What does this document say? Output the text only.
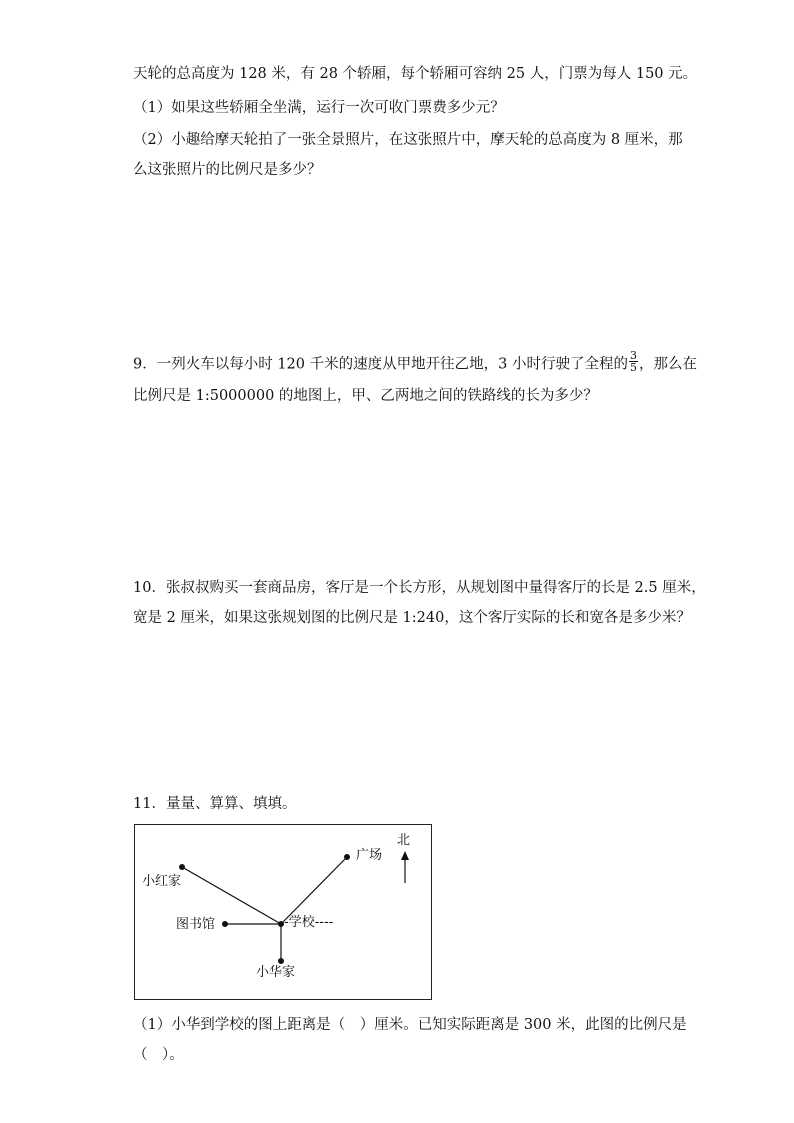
天轮的总高度为 128 米，有 28 个轿厢，每个轿厢可容纳 25 人，门票为每人 150 元。
（1）如果这些轿厢全坐满，运行一次可收门票费多少元？
（2）小趣给摩天轮拍了一张全景照片，在这张照片中，摩天轮的总高度为 8 厘米，那
么这张照片的比例尺是多少？
9．一列火车以每小时 120 千米的速度从甲地开往乙地，3 小时行驶了全程的 $\frac{3}{5}$ ，那么在
比例尺是 1:5000000 的地图上，甲、乙两地之间的铁路线的长为多少？
10．张叔叔购买一套商品房，客厅是一个长方形，从规划图中量得客厅的长是 2.5 厘米，
宽是 2 厘米，如果这张规划图的比例尺是 1:240，这个客厅实际的长和宽各是多少米？
11．量量、算算、填填。
小红家
广场
图书馆	-学校----
小华家
北
（1）小华到学校的图上距离是（　）厘米。已知实际距离是 300 米，此图的比例尺是
（　）。
